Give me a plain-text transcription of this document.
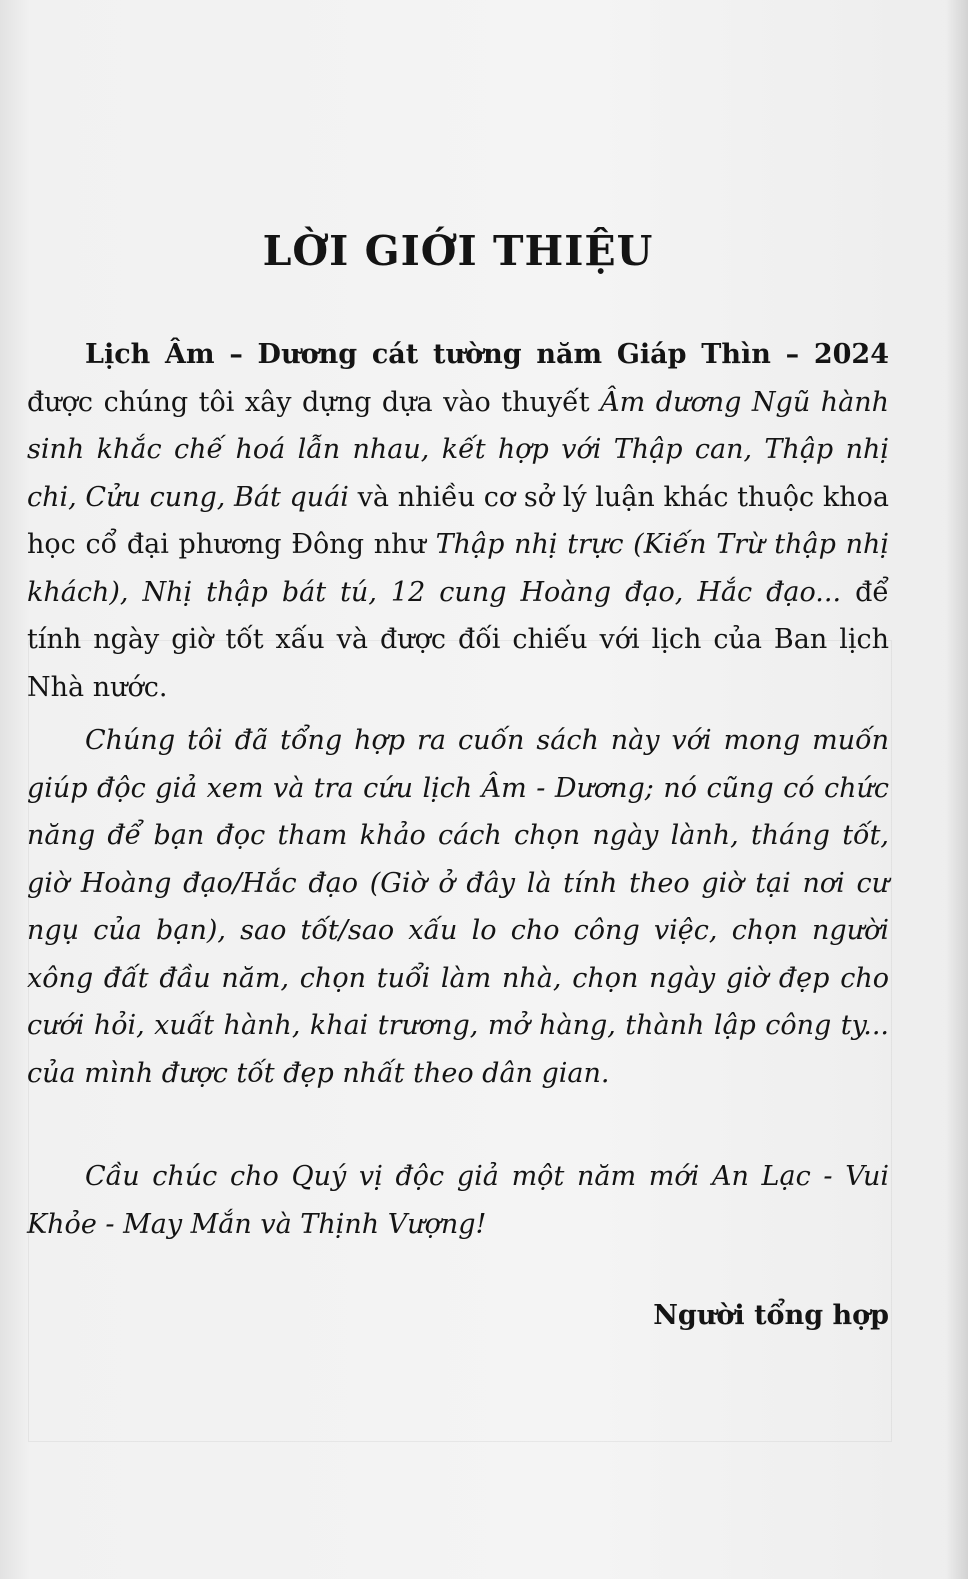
LỜI GIỚI THIỆU

Lịch Âm – Dương cát tường năm Giáp Thìn – 2024 được chúng tôi xây dựng dựa vào thuyết Âm dương Ngũ hành sinh khắc chế hoá lẫn nhau, kết hợp với Thập can, Thập nhị chi, Cửu cung, Bát quái và nhiều cơ sở lý luận khác thuộc khoa học cổ đại phương Đông như Thập nhị trực (Kiến Trừ thập nhị khách), Nhị thập bát tú, 12 cung Hoàng đạo, Hắc đạo... để tính ngày giờ tốt xấu và được đối chiếu với lịch của Ban lịch Nhà nước.

Chúng tôi đã tổng hợp ra cuốn sách này với mong muốn giúp độc giả xem và tra cứu lịch Âm - Dương; nó cũng có chức năng để bạn đọc tham khảo cách chọn ngày lành, tháng tốt, giờ Hoàng đạo/Hắc đạo (Giờ ở đây là tính theo giờ tại nơi cư ngụ của bạn), sao tốt/sao xấu lo cho công việc, chọn người xông đất đầu năm, chọn tuổi làm nhà, chọn ngày giờ đẹp cho cưới hỏi, xuất hành, khai trương, mở hàng, thành lập công ty... của mình được tốt đẹp nhất theo dân gian.

Cầu chúc cho Quý vị độc giả một năm mới An Lạc - Vui Khỏe - May Mắn và Thịnh Vượng!

Người tổng hợp
